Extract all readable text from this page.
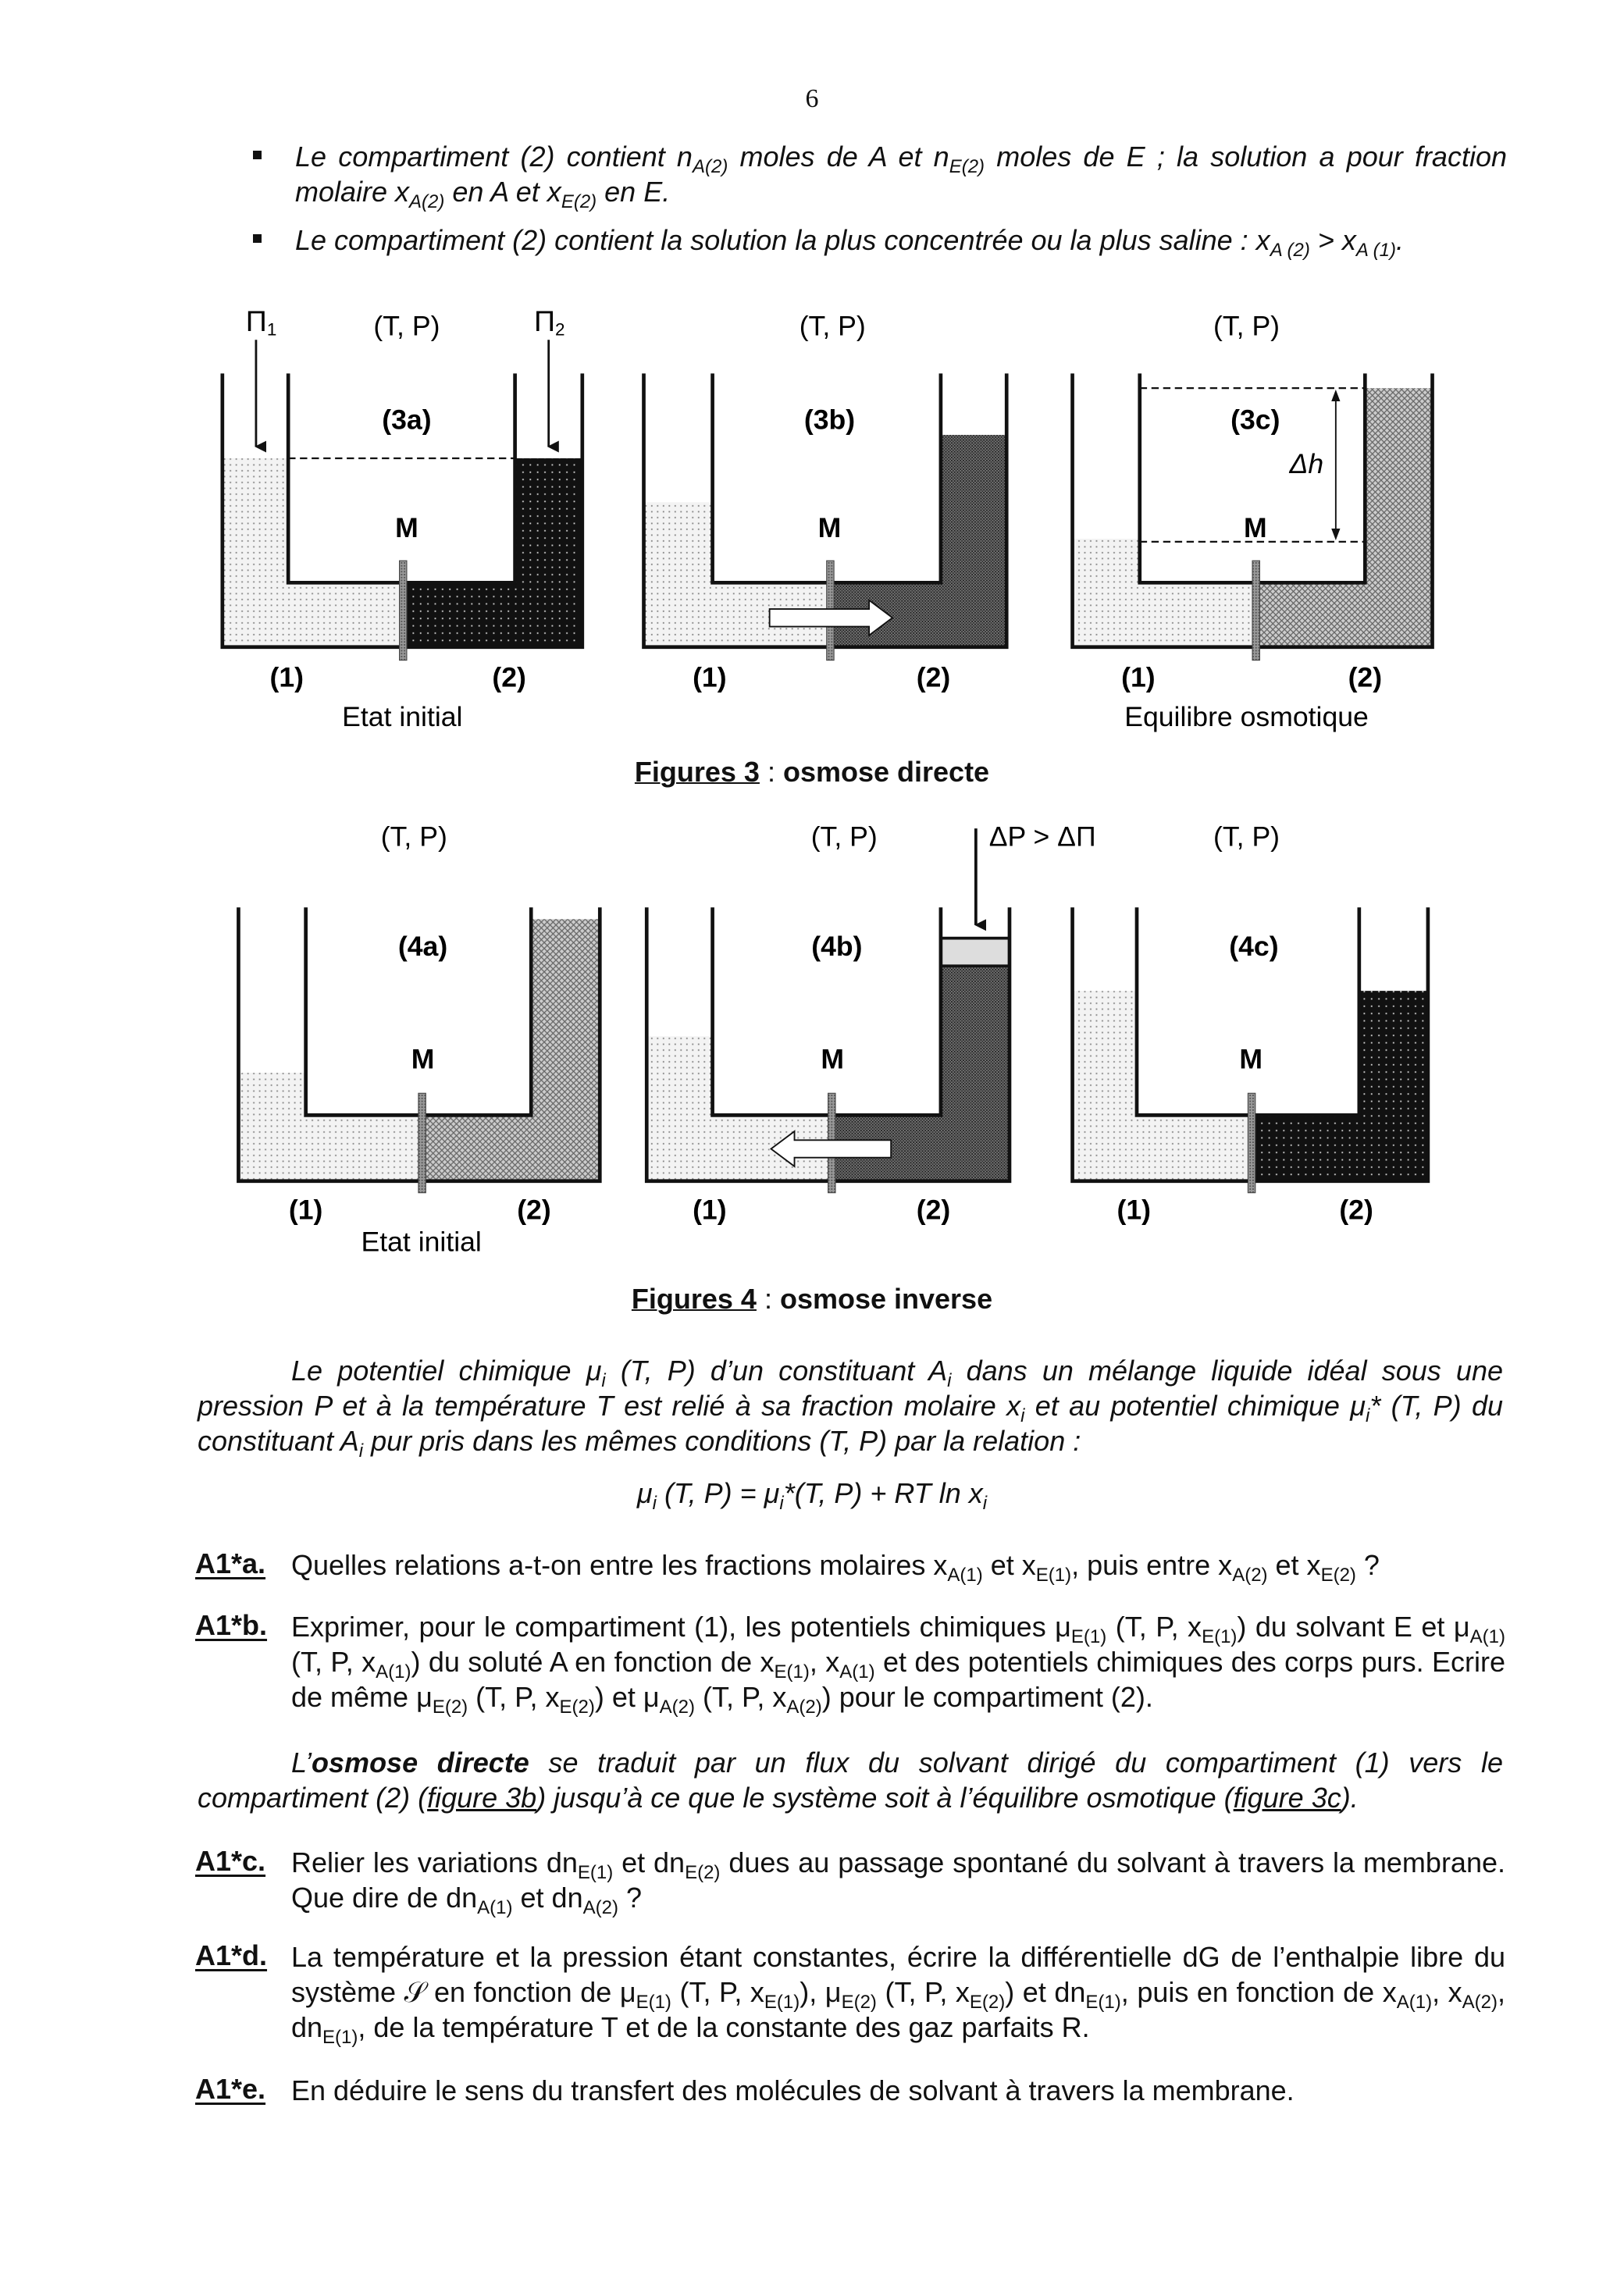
6
Le compartiment (2) contient $n_{A(2)}$ moles de A et $n_{E(2)}$ moles de E ; la solution a pour fraction molaire $x_{A(2)}$ en A et $x_{E(2)}$ en E.
Le compartiment (2) contient la solution la plus concentrée ou la plus saline : $x_{A (2)} > x_{A (1)}$.
Π1	Π2
(T, P)
(3a)
M
(1)	(2)
Etat initial
(T, P)
(3b)
M
(1)	(2)
Δh
(T, P)
(3c)
M
(1)	(2)
Equilibre osmotique
(T, P)
(4a)
M
(1)	(2)
Etat initial
(T, P)	ΔP > ΔΠ
(4b)
M
(1)	(2)
(T, P)
(4c)
M
(1)	(2)
Figures 3 : osmose directe
Figures 4 : osmose inverse
Le potentiel chimique $\mu_i$ (T, P) d’un constituant $A_i$ dans un mélange liquide idéal sous une pression P et à la température T est relié à sa fraction molaire $x_i$ et au potentiel chimique $\mu_i*$ (T, P) du constituant $A_i$ pur pris dans les mêmes conditions (T, P) par la relation :
$\mu_i$ (T, $P) = \mu_i*(T$, P) + RT $\ln x_i$
A1*a. Quelles relations a-t-on entre les fractions molaires $x_{A(1)}$ et $x_{E(1)}$, puis entre $x_{A(2)}$ et $x_{E(2)}$ ?
A1*b. Exprimer, pour le compartiment (1), les potentiels chimiques $\mu_{E(1)}$ (T, P, $x_{E(1)}$) du solvant E et $\mu_{A(1)}$ (T, P, $x_{A(1)}$) du soluté A en fonction de $x_{E(1)}$, $x_{A(1)}$ et des potentiels chimiques des corps purs. Ecrire de même $\mu_{E(2)}$ (T, P, $x_{E(2)}$) et $\mu_{A(2)}$ (T, P, $x_{A(2)}$) pour le compartiment (2).
L’osmose directe se traduit par un flux du solvant dirigé du compartiment (1) vers le compartiment (2) (figure 3b) jusqu’à ce que le système soit à l’équilibre osmotique (figure 3c).
A1*c. Relier les variations $dn_{E(1)}$ et $dn_{E(2)}$ dues au passage spontané du solvant à travers la membrane. Que dire de $dn_{A(1)}$ et $dn_{A(2)}$ ?
A1*d. La température et la pression étant constantes, écrire la différentielle dG de l’enthalpie libre du système 𝒮 en fonction de $\mu_{E(1)}$ (T, P, $x_{E(1)}$), $\mu_{E(2)}$ (T, P, $x_{E(2)}$) et $dn_{E(1)}$, puis en fonction de $x_{A(1)}$, $x_{A(2)}$, $dn_{E(1)}$, de la température T et de la constante des gaz parfaits R.
A1*e. En déduire le sens du transfert des molécules de solvant à travers la membrane.
